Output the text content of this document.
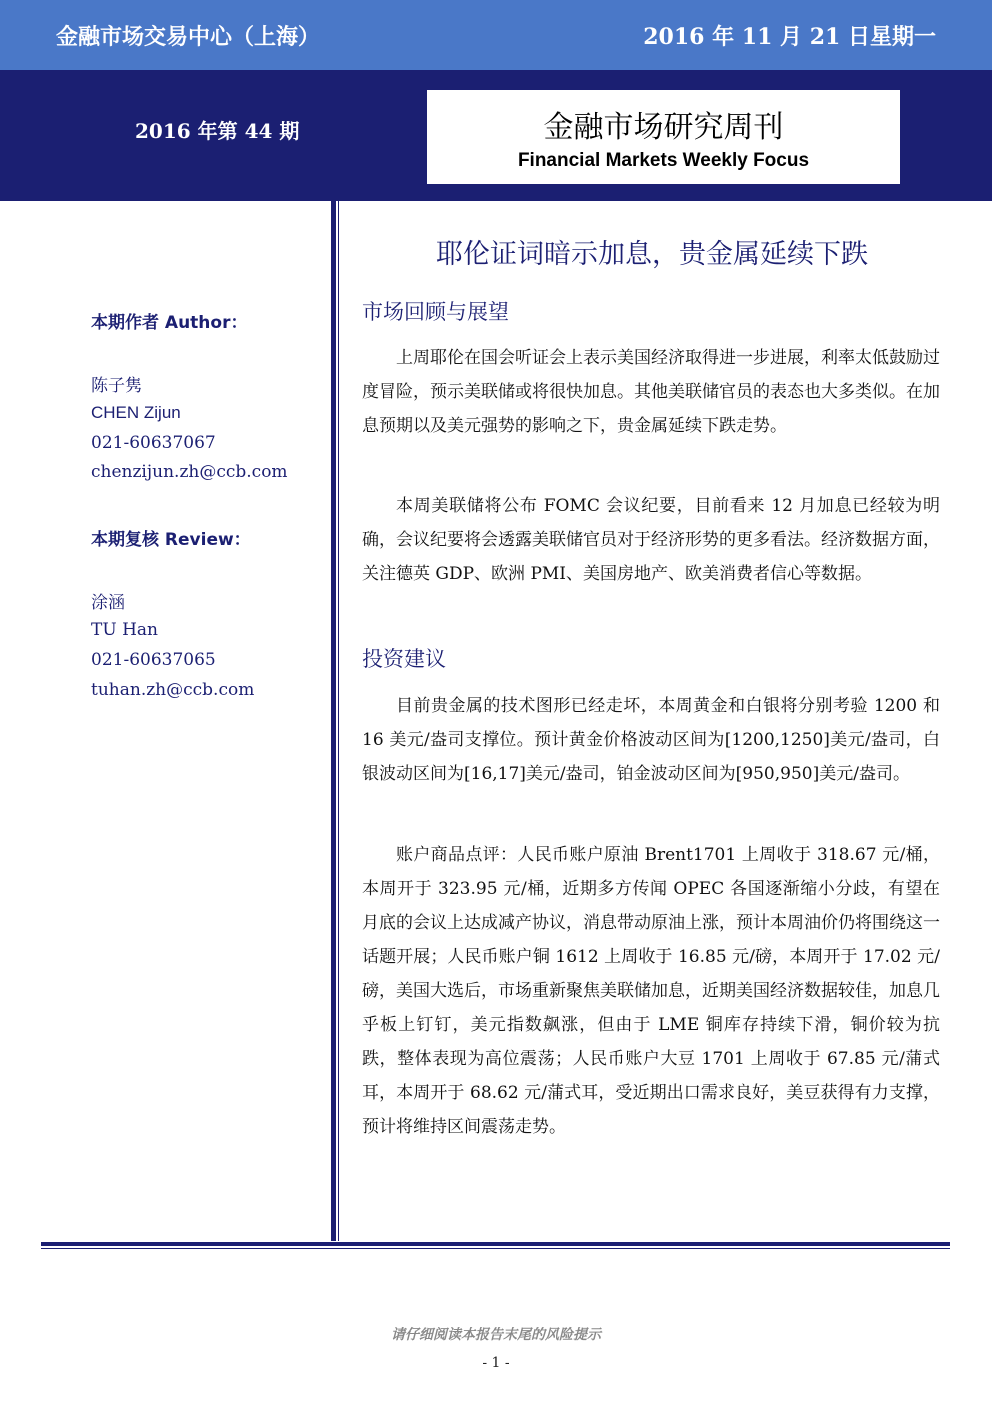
金融市场交易中心（上海）	2016 年 11 月 21 日星期一
2016 年第 44 期	金融市场研究周刊
Financial Markets Weekly Focus
本期作者 Author：
陈子隽
CHEN Zijun
021-60637067
chenzijun.zh@ccb.com
本期复核 Review：
涂涵
TU Han
021-60637065
tuhan.zh@ccb.com
耶伦证词暗示加息，贵金属延续下跌
市场回顾与展望
上周耶伦在国会听证会上表示美国经济取得进一步进展，利率太低鼓励过度冒险，预示美联储或将很快加息。其他美联储官员的表态也大多类似。在加息预期以及美元强势的影响之下，贵金属延续下跌走势。
本周美联储将公布 FOMC 会议纪要，目前看来 12 月加息已经较为明确，会议纪要将会透露美联储官员对于经济形势的更多看法。经济数据方面，关注德英 GDP、欧洲 PMI、美国房地产、欧美消费者信心等数据。
投资建议
目前贵金属的技术图形已经走坏，本周黄金和白银将分别考验 1200 和 16 美元/盎司支撑位。预计黄金价格波动区间为[1200,1250]美元/盎司，白银波动区间为[16,17]美元/盎司，铂金波动区间为[950,950]美元/盎司。
账户商品点评：人民币账户原油 Brent1701 上周收于 318.67 元/桶，本周开于 323.95 元/桶，近期多方传闻 OPEC 各国逐渐缩小分歧，有望在月底的会议上达成减产协议，消息带动原油上涨，预计本周油价仍将围绕这一话题开展；人民币账户铜 1612 上周收于 16.85 元/磅，本周开于 17.02 元/磅，美国大选后，市场重新聚焦美联储加息，近期美国经济数据较佳，加息几乎板上钉钉，美元指数飙涨，但由于 LME 铜库存持续下滑，铜价较为抗跌，整体表现为高位震荡；人民币账户大豆 1701 上周收于 67.85 元/蒲式耳，本周开于 68.62 元/蒲式耳，受近期出口需求良好，美豆获得有力支撑，预计将维持区间震荡走势。
请仔细阅读本报告末尾的风险提示
- 1 -
